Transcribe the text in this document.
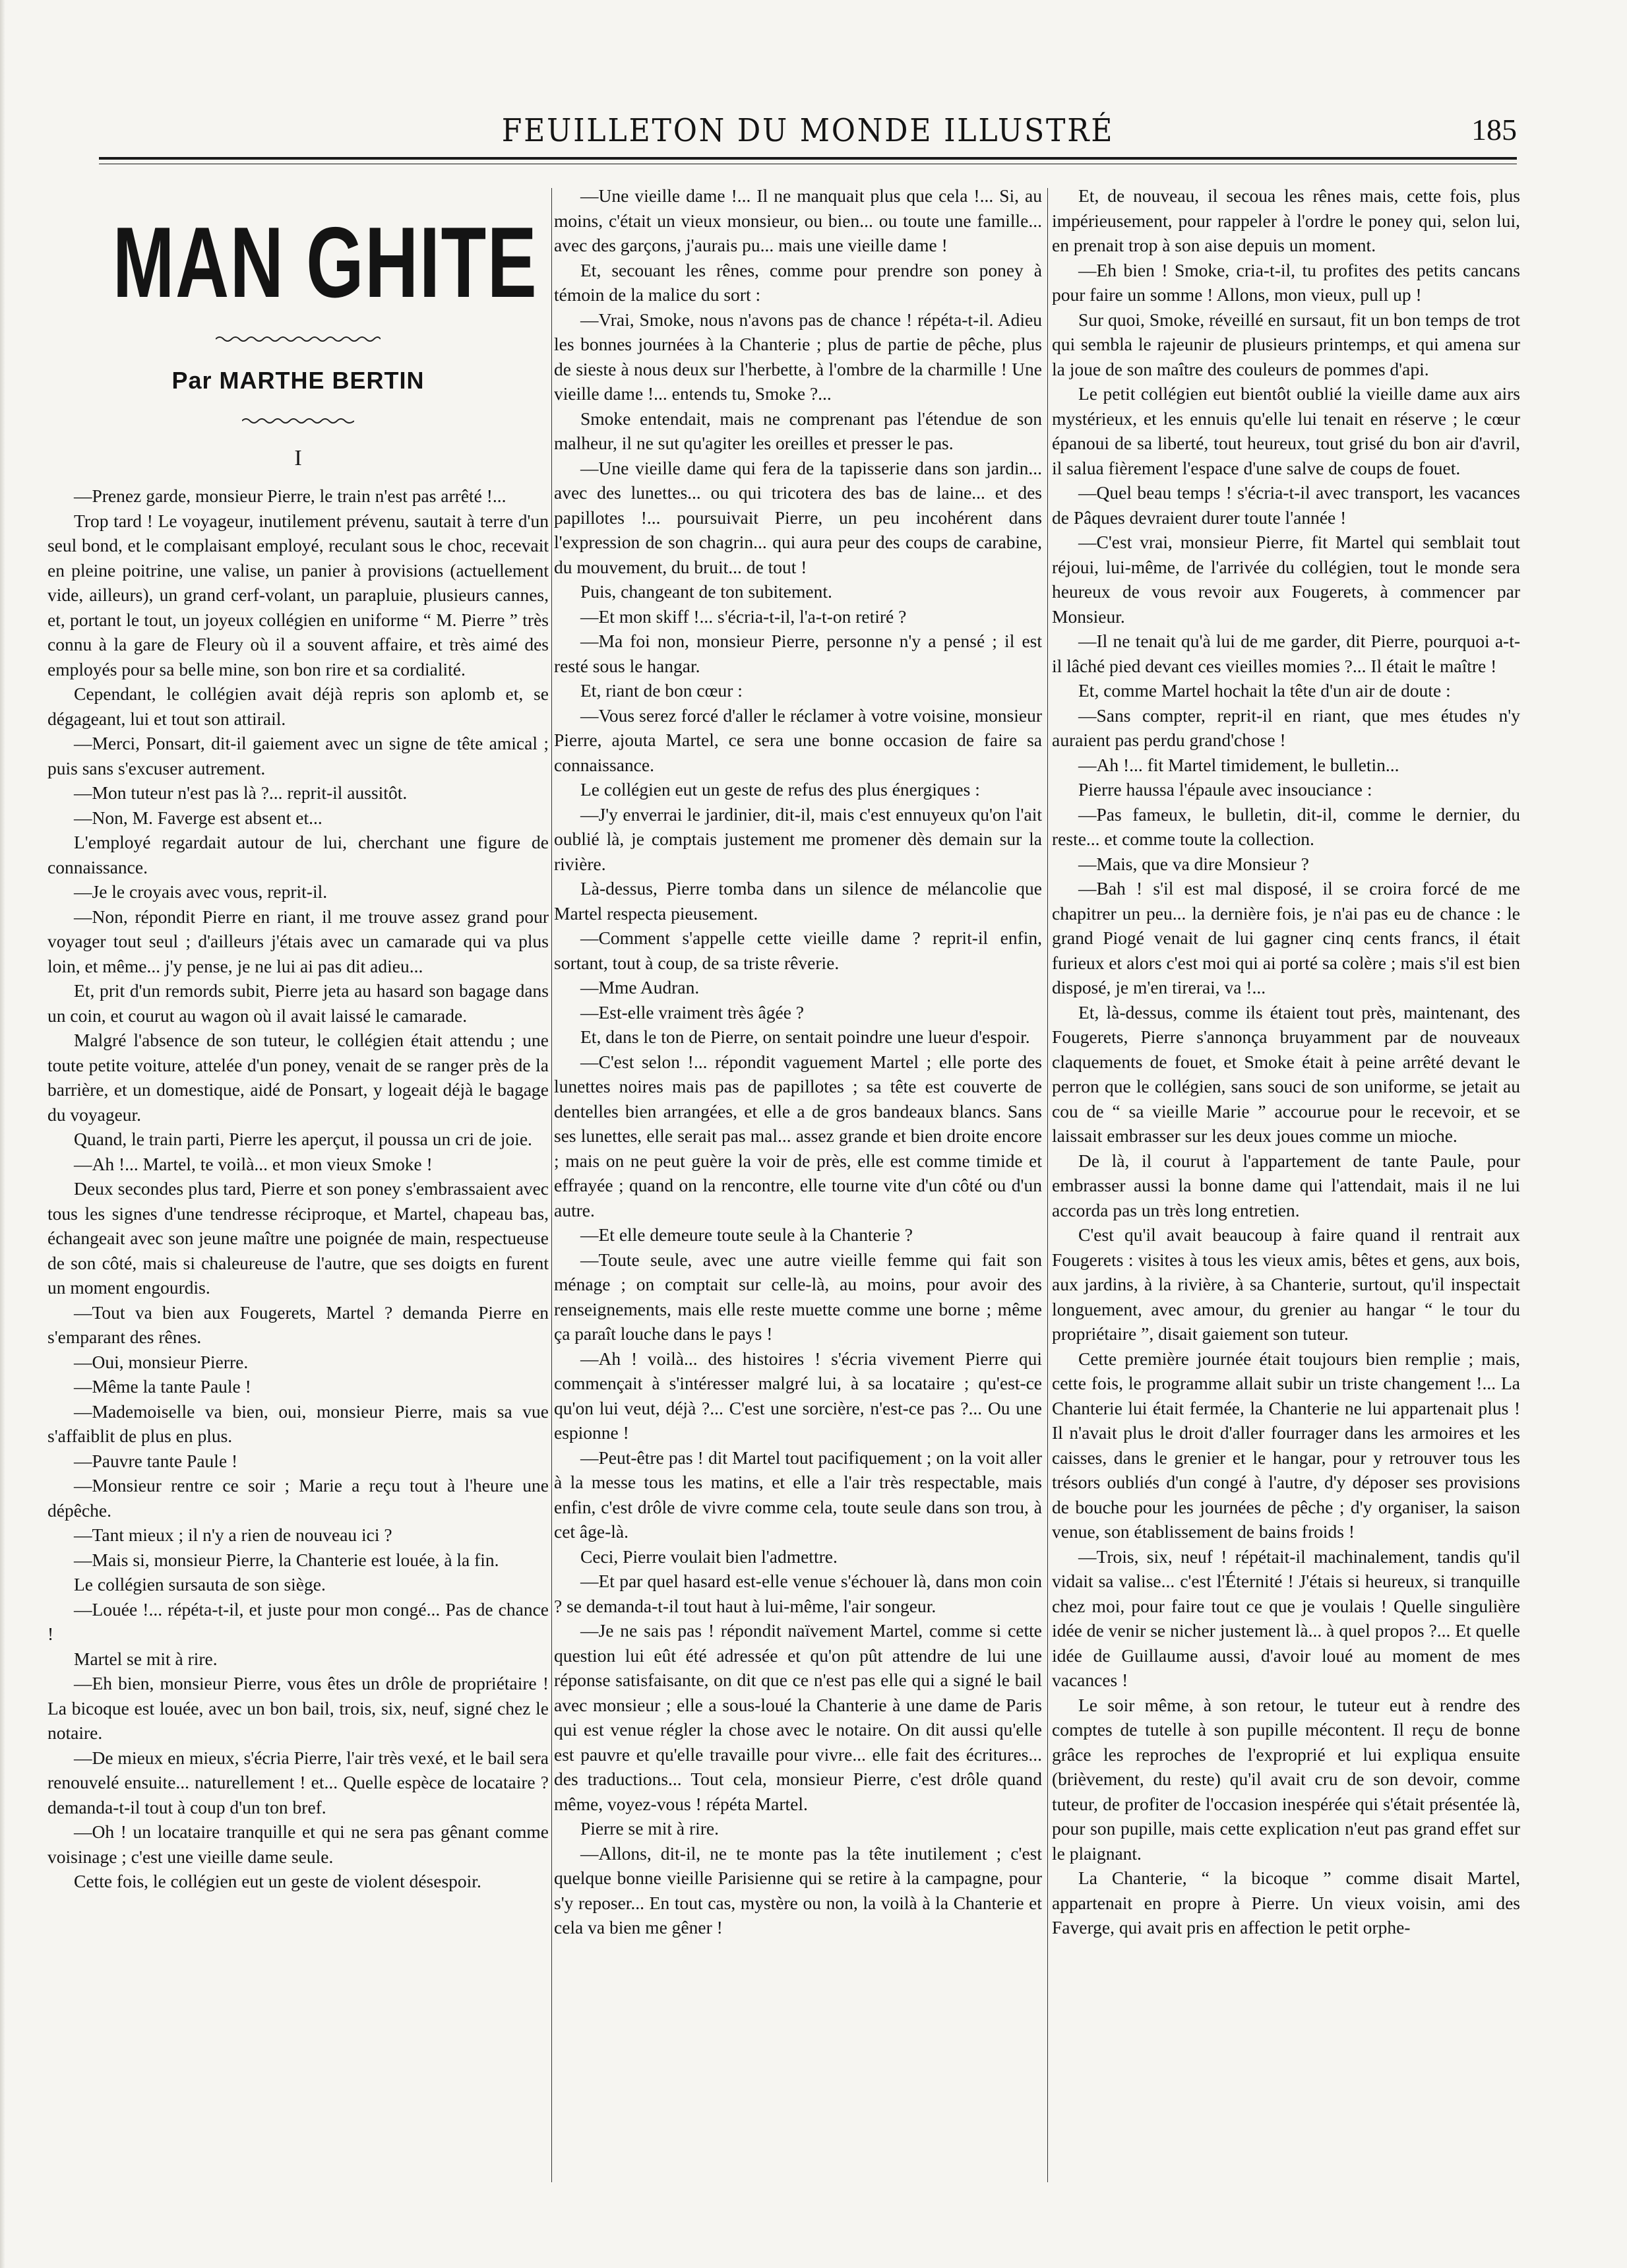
FEUILLETON DU MONDE ILLUSTRÉ	185
MAN GHITE
Par MARTHE BERTIN
I

—Prenez garde, monsieur Pierre, le train n'est pas arrêté !...

Trop tard ! Le voyageur, inutilement prévenu, sautait à terre d'un seul bond, et le complaisant employé, reculant sous le choc, recevait en pleine poitrine, une valise, un panier à provisions (actuellement vide, ailleurs), un grand cerf-volant, un parapluie, plusieurs cannes, et, portant le tout, un joyeux collégien en uniforme “ M. Pierre ” très connu à la gare de Fleury où il a souvent affaire, et très aimé des employés pour sa belle mine, son bon rire et sa cordialité.

Cependant, le collégien avait déjà repris son aplomb et, se dégageant, lui et tout son attirail.

—Merci, Ponsart, dit-il gaiement avec un signe de tête amical ; puis sans s'excuser autrement.

—Mon tuteur n'est pas là ?... reprit-il aussitôt.

—Non, M. Faverge est absent et...

L'employé regardait autour de lui, cherchant une figure de connaissance.

—Je le croyais avec vous, reprit-il.

—Non, répondit Pierre en riant, il me trouve assez grand pour voyager tout seul ; d'ailleurs j'étais avec un camarade qui va plus loin, et même... j'y pense, je ne lui ai pas dit adieu...

Et, prit d'un remords subit, Pierre jeta au hasard son bagage dans un coin, et courut au wagon où il avait laissé le camarade.

Malgré l'absence de son tuteur, le collégien était attendu ; une toute petite voiture, attelée d'un poney, venait de se ranger près de la barrière, et un domestique, aidé de Ponsart, y logeait déjà le bagage du voyageur.

Quand, le train parti, Pierre les aperçut, il poussa un cri de joie.

—Ah !... Martel, te voilà... et mon vieux Smoke !

Deux secondes plus tard, Pierre et son poney s'embrassaient avec tous les signes d'une tendresse réciproque, et Martel, chapeau bas, échangeait avec son jeune maître une poignée de main, respectueuse de son côté, mais si chaleureuse de l'autre, que ses doigts en furent un moment engourdis.

—Tout va bien aux Fougerets, Martel ? demanda Pierre en s'emparant des rênes.

—Oui, monsieur Pierre.

—Même la tante Paule !

—Mademoiselle va bien, oui, monsieur Pierre, mais sa vue s'affaiblit de plus en plus.

—Pauvre tante Paule !

—Monsieur rentre ce soir ; Marie a reçu tout à l'heure une dépêche.

—Tant mieux ; il n'y a rien de nouveau ici ?

—Mais si, monsieur Pierre, la Chanterie est louée, à la fin.

Le collégien sursauta de son siège.

—Louée !... répéta-t-il, et juste pour mon congé... Pas de chance !

Martel se mit à rire.

—Eh bien, monsieur Pierre, vous êtes un drôle de propriétaire ! La bicoque est louée, avec un bon bail, trois, six, neuf, signé chez le notaire.

—De mieux en mieux, s'écria Pierre, l'air très vexé, et le bail sera renouvelé ensuite... naturellement ! et... Quelle espèce de locataire ? demanda-t-il tout à coup d'un ton bref.

—Oh ! un locataire tranquille et qui ne sera pas gênant comme voisinage ; c'est une vieille dame seule.

Cette fois, le collégien eut un geste de violent désespoir.

—Une vieille dame !... Il ne manquait plus que cela !... Si, au moins, c'était un vieux monsieur, ou bien... ou toute une famille... avec des garçons, j'aurais pu... mais une vieille dame !

Et, secouant les rênes, comme pour prendre son poney à témoin de la malice du sort :

—Vrai, Smoke, nous n'avons pas de chance ! répéta-t-il. Adieu les bonnes journées à la Chanterie ; plus de partie de pêche, plus de sieste à nous deux sur l'herbette, à l'ombre de la charmille ! Une vieille dame !... entends tu, Smoke ?...

Smoke entendait, mais ne comprenant pas l'étendue de son malheur, il ne sut qu'agiter les oreilles et presser le pas.

—Une vieille dame qui fera de la tapisserie dans son jardin... avec des lunettes... ou qui tricotera des bas de laine... et des papillotes !... poursuivait Pierre, un peu incohérent dans l'expression de son chagrin... qui aura peur des coups de carabine, du mouvement, du bruit... de tout !

Puis, changeant de ton subitement.

—Et mon skiff !... s'écria-t-il, l'a-t-on retiré ?

—Ma foi non, monsieur Pierre, personne n'y a pensé ; il est resté sous le hangar.

Et, riant de bon cœur :

—Vous serez forcé d'aller le réclamer à votre voisine, monsieur Pierre, ajouta Martel, ce sera une bonne occasion de faire sa connaissance.

Le collégien eut un geste de refus des plus énergiques :

—J'y enverrai le jardinier, dit-il, mais c'est ennuyeux qu'on l'ait oublié là, je comptais justement me promener dès demain sur la rivière.

Là-dessus, Pierre tomba dans un silence de mélancolie que Martel respecta pieusement.

—Comment s'appelle cette vieille dame ? reprit-il enfin, sortant, tout à coup, de sa triste rêverie.

—Mme Audran.

—Est-elle vraiment très âgée ?

Et, dans le ton de Pierre, on sentait poindre une lueur d'espoir.

—C'est selon !... répondit vaguement Martel ; elle porte des lunettes noires mais pas de papillotes ; sa tête est couverte de dentelles bien arrangées, et elle a de gros bandeaux blancs. Sans ses lunettes, elle serait pas mal... assez grande et bien droite encore ; mais on ne peut guère la voir de près, elle est comme timide et effrayée ; quand on la rencontre, elle tourne vite d'un côté ou d'un autre.

—Et elle demeure toute seule à la Chanterie ?

—Toute seule, avec une autre vieille femme qui fait son ménage ; on comptait sur celle-là, au moins, pour avoir des renseignements, mais elle reste muette comme une borne ; même ça paraît louche dans le pays !

—Ah ! voilà... des histoires ! s'écria vivement Pierre qui commençait à s'intéresser malgré lui, à sa locataire ; qu'est-ce qu'on lui veut, déjà ?... C'est une sorcière, n'est-ce pas ?... Ou une espionne !

—Peut-être pas ! dit Martel tout pacifiquement ; on la voit aller à la messe tous les matins, et elle a l'air très respectable, mais enfin, c'est drôle de vivre comme cela, toute seule dans son trou, à cet âge-là.

Ceci, Pierre voulait bien l'admettre.

—Et par quel hasard est-elle venue s'échouer là, dans mon coin ? se demanda-t-il tout haut à lui-même, l'air songeur.

—Je ne sais pas ! répondit naïvement Martel, comme si cette question lui eût été adressée et qu'on pût attendre de lui une réponse satisfaisante, on dit que ce n'est pas elle qui a signé le bail avec monsieur ; elle a sous-loué la Chanterie à une dame de Paris qui est venue régler la chose avec le notaire. On dit aussi qu'elle est pauvre et qu'elle travaille pour vivre... elle fait des écritures... des traductions... Tout cela, monsieur Pierre, c'est drôle quand même, voyez-vous ! répéta Martel.

Pierre se mit à rire.

—Allons, dit-il, ne te monte pas la tête inutilement ; c'est quelque bonne vieille Parisienne qui se retire à la campagne, pour s'y reposer... En tout cas, mystère ou non, la voilà à la Chanterie et cela va bien me gêner !

Et, de nouveau, il secoua les rênes mais, cette fois, plus impérieusement, pour rappeler à l'ordre le poney qui, selon lui, en prenait trop à son aise depuis un moment.

—Eh bien ! Smoke, cria-t-il, tu profites des petits cancans pour faire un somme ! Allons, mon vieux, pull up !

Sur quoi, Smoke, réveillé en sursaut, fit un bon temps de trot qui sembla le rajeunir de plusieurs printemps, et qui amena sur la joue de son maître des couleurs de pommes d'api.

Le petit collégien eut bientôt oublié la vieille dame aux airs mystérieux, et les ennuis qu'elle lui tenait en réserve ; le cœur épanoui de sa liberté, tout heureux, tout grisé du bon air d'avril, il salua fièrement l'espace d'une salve de coups de fouet.

—Quel beau temps ! s'écria-t-il avec transport, les vacances de Pâques devraient durer toute l'année !

—C'est vrai, monsieur Pierre, fit Martel qui semblait tout réjoui, lui-même, de l'arrivée du collégien, tout le monde sera heureux de vous revoir aux Fougerets, à commencer par Monsieur.

—Il ne tenait qu'à lui de me garder, dit Pierre, pourquoi a-t-il lâché pied devant ces vieilles momies ?... Il était le maître !

Et, comme Martel hochait la tête d'un air de doute :

—Sans compter, reprit-il en riant, que mes études n'y auraient pas perdu grand'chose !

—Ah !... fit Martel timidement, le bulletin...

Pierre haussa l'épaule avec insouciance :

—Pas fameux, le bulletin, dit-il, comme le dernier, du reste... et comme toute la collection.

—Mais, que va dire Monsieur ?

—Bah ! s'il est mal disposé, il se croira forcé de me chapitrer un peu... la dernière fois, je n'ai pas eu de chance : le grand Piogé venait de lui gagner cinq cents francs, il était furieux et alors c'est moi qui ai porté sa colère ; mais s'il est bien disposé, je m'en tirerai, va !...

Et, là-dessus, comme ils étaient tout près, maintenant, des Fougerets, Pierre s'annonça bruyamment par de nouveaux claquements de fouet, et Smoke était à peine arrêté devant le perron que le collégien, sans souci de son uniforme, se jetait au cou de “ sa vieille Marie ” accourue pour le recevoir, et se laissait embrasser sur les deux joues comme un mioche.

De là, il courut à l'appartement de tante Paule, pour embrasser aussi la bonne dame qui l'attendait, mais il ne lui accorda pas un très long entretien.

C'est qu'il avait beaucoup à faire quand il rentrait aux Fougerets : visites à tous les vieux amis, bêtes et gens, aux bois, aux jardins, à la rivière, à sa Chanterie, surtout, qu'il inspectait longuement, avec amour, du grenier au hangar “ le tour du propriétaire ”, disait gaiement son tuteur.

Cette première journée était toujours bien remplie ; mais, cette fois, le programme allait subir un triste changement !... La Chanterie lui était fermée, la Chanterie ne lui appartenait plus ! Il n'avait plus le droit d'aller fourrager dans les armoires et les caisses, dans le grenier et le hangar, pour y retrouver tous les trésors oubliés d'un congé à l'autre, d'y déposer ses provisions de bouche pour les journées de pêche ; d'y organiser, la saison venue, son établissement de bains froids !

—Trois, six, neuf ! répétait-il machinalement, tandis qu'il vidait sa valise... c'est l'Éternité ! J'étais si heureux, si tranquille chez moi, pour faire tout ce que je voulais ! Quelle singulière idée de venir se nicher justement là... à quel propos ?... Et quelle idée de Guillaume aussi, d'avoir loué au moment de mes vacances !

Le soir même, à son retour, le tuteur eut à rendre des comptes de tutelle à son pupille mécontent. Il reçu de bonne grâce les reproches de l'exproprié et lui expliqua ensuite (brièvement, du reste) qu'il avait cru de son devoir, comme tuteur, de profiter de l'occasion inespérée qui s'était présentée là, pour son pupille, mais cette explication n'eut pas grand effet sur le plaignant.

La Chanterie, “ la bicoque ” comme disait Martel, appartenait en propre à Pierre. Un vieux voisin, ami des Faverge, qui avait pris en affection le petit orphe-
